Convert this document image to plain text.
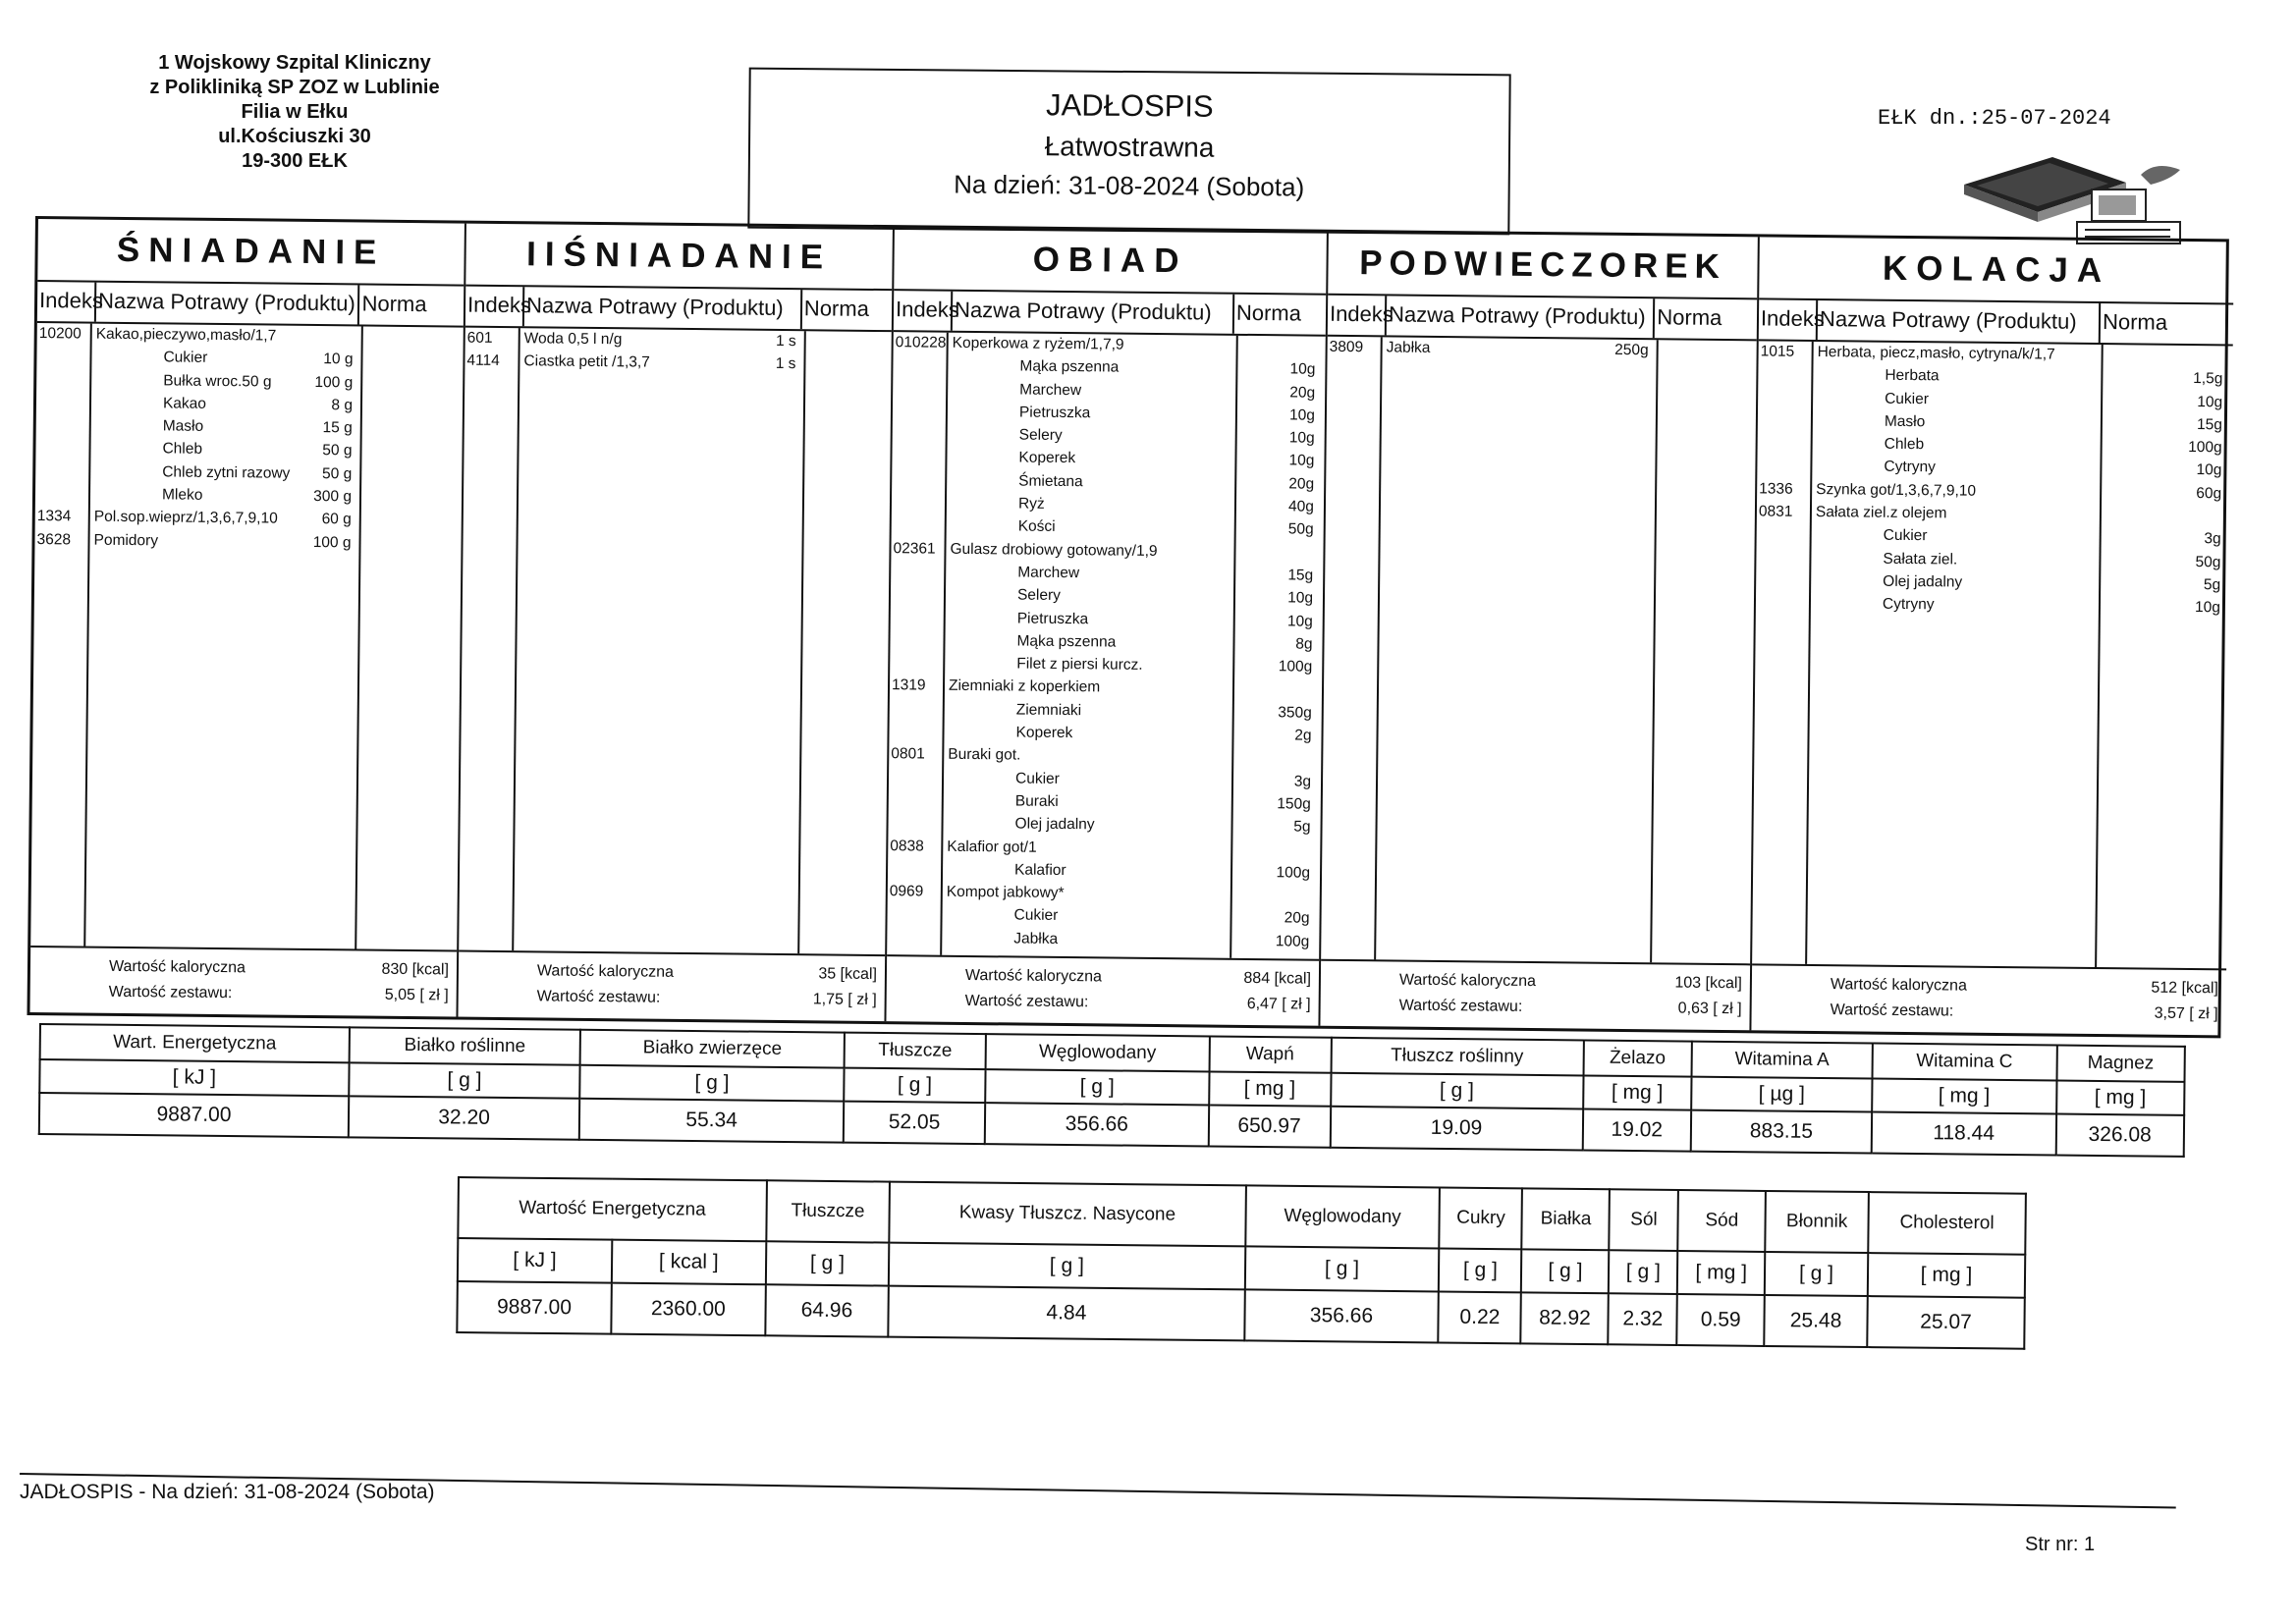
1 Wojskowy Szpital Kliniczny
z Polikliniką SP ZOZ w Lublinie
Filia w Ełku
ul.Kościuszki 30
19-300 EŁK
JADŁOSPIS
Łatwostrawna
Na dzień: 31-08-2024 (Sobota)
EŁK dn.:25-07-2024
ŚNIADANIE
Indeks
Nazwa Potrawy (Produktu) Norma
10200 Kakao,pieczywo,masło/1,7
Cukier	10 g
Bułka wroc.50 g	100 g
Kakao	8 g
Masło	15 g
Chleb	50 g
Chleb zytni razowy 50 g
Mleko	300 g
1334 Pol.sop.wieprz/1,3,6,7,9,10	60 g
3628 Pomidory	100 g
Wartość kaloryczna	830 [kcal]
Wartość zestawu:	5,05 [ zł ]
IIŚNIADANIE
Indeks
Nazwa Potrawy (Produktu) Norma
601 Woda 0,5 l n/g	1 s
4114 Ciastka petit /1,3,7	1 s
Wartość kaloryczna	35 [kcal]
Wartość zestawu:	1,75 [ zł ]
OBIAD
Indeks
Nazwa Potrawy (Produktu)	Norma
010228 Koperkowa z ryżem/1,7,9
Mąka pszenna	10g
Marchew	20g
Pietruszka	10g
Selery	10g
Koperek	10g
Śmietana	20g
Ryż	40g
Kości	50g
02361 Gulasz drobiowy gotowany/1,9
Marchew	15g
Selery	10g
Pietruszka	10g
Mąka pszenna	8g
Filet z piersi kurcz.	100g
1319 Ziemniaki z koperkiem
Ziemniaki	350g
Koperek	2g
0801 Buraki got.
Cukier	3g
Buraki	150g
Olej jadalny	5g
0838 Kalafior got/1
Kalafior	100g
0969 Kompot jabkowy*
Cukier	20g
Jabłka	100g
Wartość kaloryczna	884 [kcal]
Wartość zestawu:	6,47 [ zł ]
PODWIECZOREK
Indeks
Nazwa Potrawy (Produktu) Norma
3809 Jabłka	250g
Wartość kaloryczna	103 [kcal]
Wartość zestawu:	0,63 [ zł ]
KOLACJA
Indeks
Nazwa Potrawy (Produktu)	Norma
1015 Herbata, piecz,masło, cytryna/k/1,7
Herbata	1,5g
Cukier	10g
Masło	15g
Chleb	100g
Cytryny	10g
1336 Szynka got/1,3,6,7,9,10	60g
0831 Sałata ziel.z olejem
Cukier	3g
Sałata ziel.	50g
Olej jadalny	5g
Cytryny	10g
Wartość kaloryczna	512 [kcal]
Wartość zestawu:	3,57 [ zł ]
Wart. Energetyczna	Białko roślinne	Białko zwierzęce	Tłuszcze	Węglowodany	Wapń	Tłuszcz roślinny	Żelazo	Witamina A	Witamina C	Magnez
[ kJ ]	[ g ]	[ g ]	[ g ]	[ g ]	[ mg ]	[ g ]	[ mg ]	[ µg ]	[ mg ]	[ mg ]
9887.00	32.20	55.34	52.05	356.66	650.97	19.09	19.02	883.15	118.44	326.08
Wartość Energetyczna		Tłuszcze	Kwasy Tłuszcz. Nasycone	Węglowodany	Cukry	Białka	Sól	Sód	Błonnik	Cholesterol
[ kJ ]	[ kcal ]	[ g ]	[ g ]	[ g ]	[ g ]	[ g ]	[ g ]	[ mg ]	[ g ]	[ mg ]
9887.00	2360.00	64.96	4.84	356.66	0.22	82.92	2.32	0.59	25.48	25.07
JADŁOSPIS - Na dzień: 31-08-2024 (Sobota)
Str nr: 1
